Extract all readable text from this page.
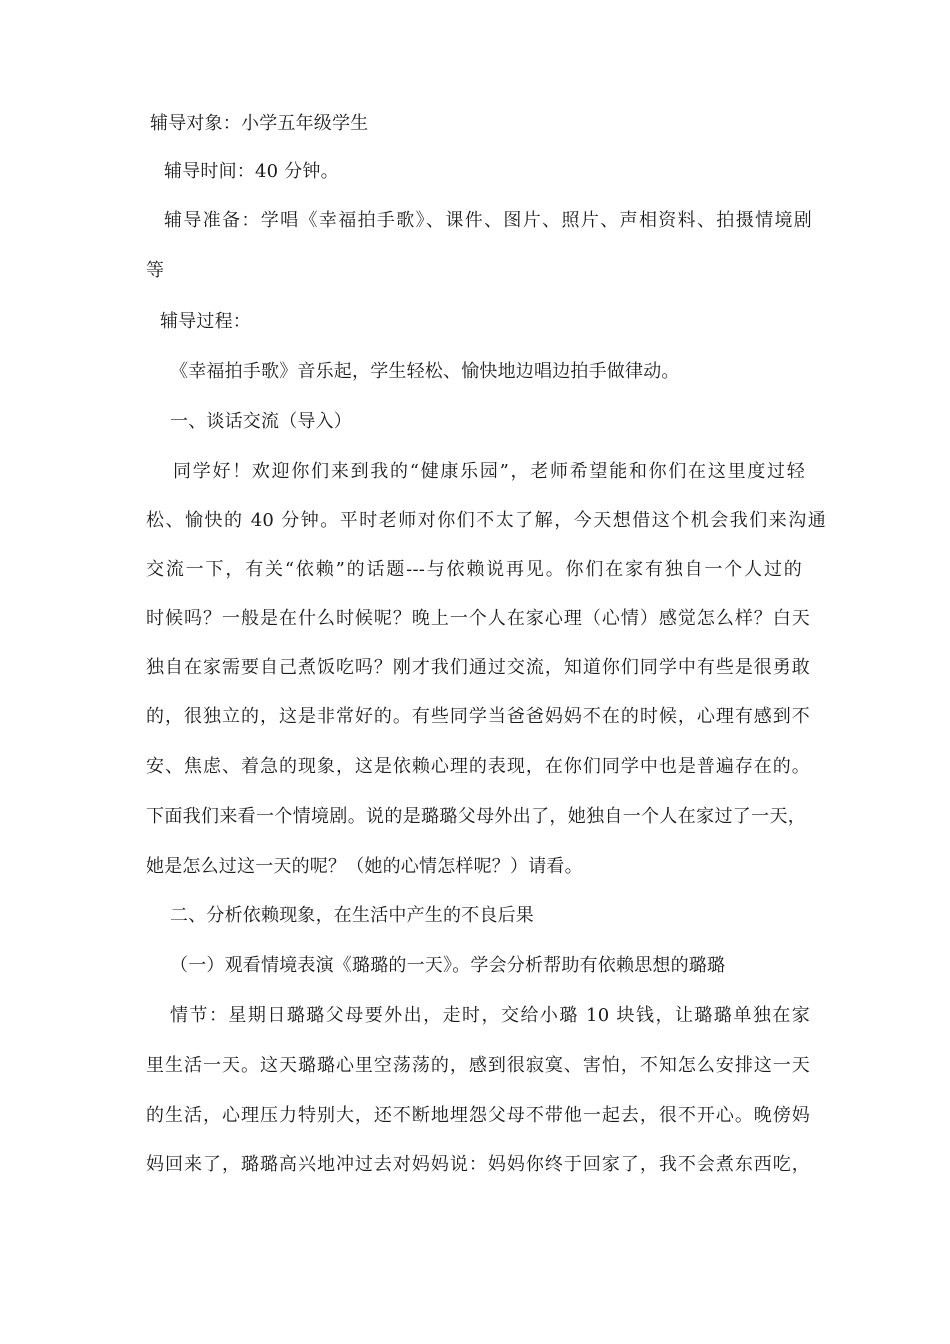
辅导对象：小学五年级学生
辅导时间：40 分钟。
辅导准备：学唱《幸福拍手歌》、课件、图片、照片、声相资料、拍摄情境剧
等
辅导过程：
《幸福拍手歌》音乐起，学生轻松、愉快地边唱边拍手做律动。
一、谈话交流（导入）
同学好！欢迎你们来到我的“健康乐园”，老师希望能和你们在这里度过轻
松、愉快的 40 分钟。平时老师对你们不太了解，今天想借这个机会我们来沟通
交流一下，有关“依赖”的话题---与依赖说再见。你们在家有独自一个人过的
时候吗？一般是在什么时候呢？晚上一个人在家心理（心情）感觉怎么样？白天
独自在家需要自己煮饭吃吗？刚才我们通过交流，知道你们同学中有些是很勇敢
的，很独立的，这是非常好的。有些同学当爸爸妈妈不在的时候，心理有感到不
安、焦虑、着急的现象，这是依赖心理的表现，在你们同学中也是普遍存在的。
下面我们来看一个情境剧。说的是璐璐父母外出了，她独自一个人在家过了一天，
她是怎么过这一天的呢？（她的心情怎样呢？）请看。
二、分析依赖现象，在生活中产生的不良后果
（一）观看情境表演《璐璐的一天》。学会分析帮助有依赖思想的璐璐
情节：星期日璐璐父母要外出，走时，交给小璐 10 块钱，让璐璐单独在家
里生活一天。这天璐璐心里空荡荡的，感到很寂寞、害怕，不知怎么安排这一天
的生活，心理压力特别大，还不断地埋怨父母不带他一起去，很不开心。晚傍妈
妈回来了，璐璐高兴地冲过去对妈妈说：妈妈你终于回家了，我不会煮东西吃，
